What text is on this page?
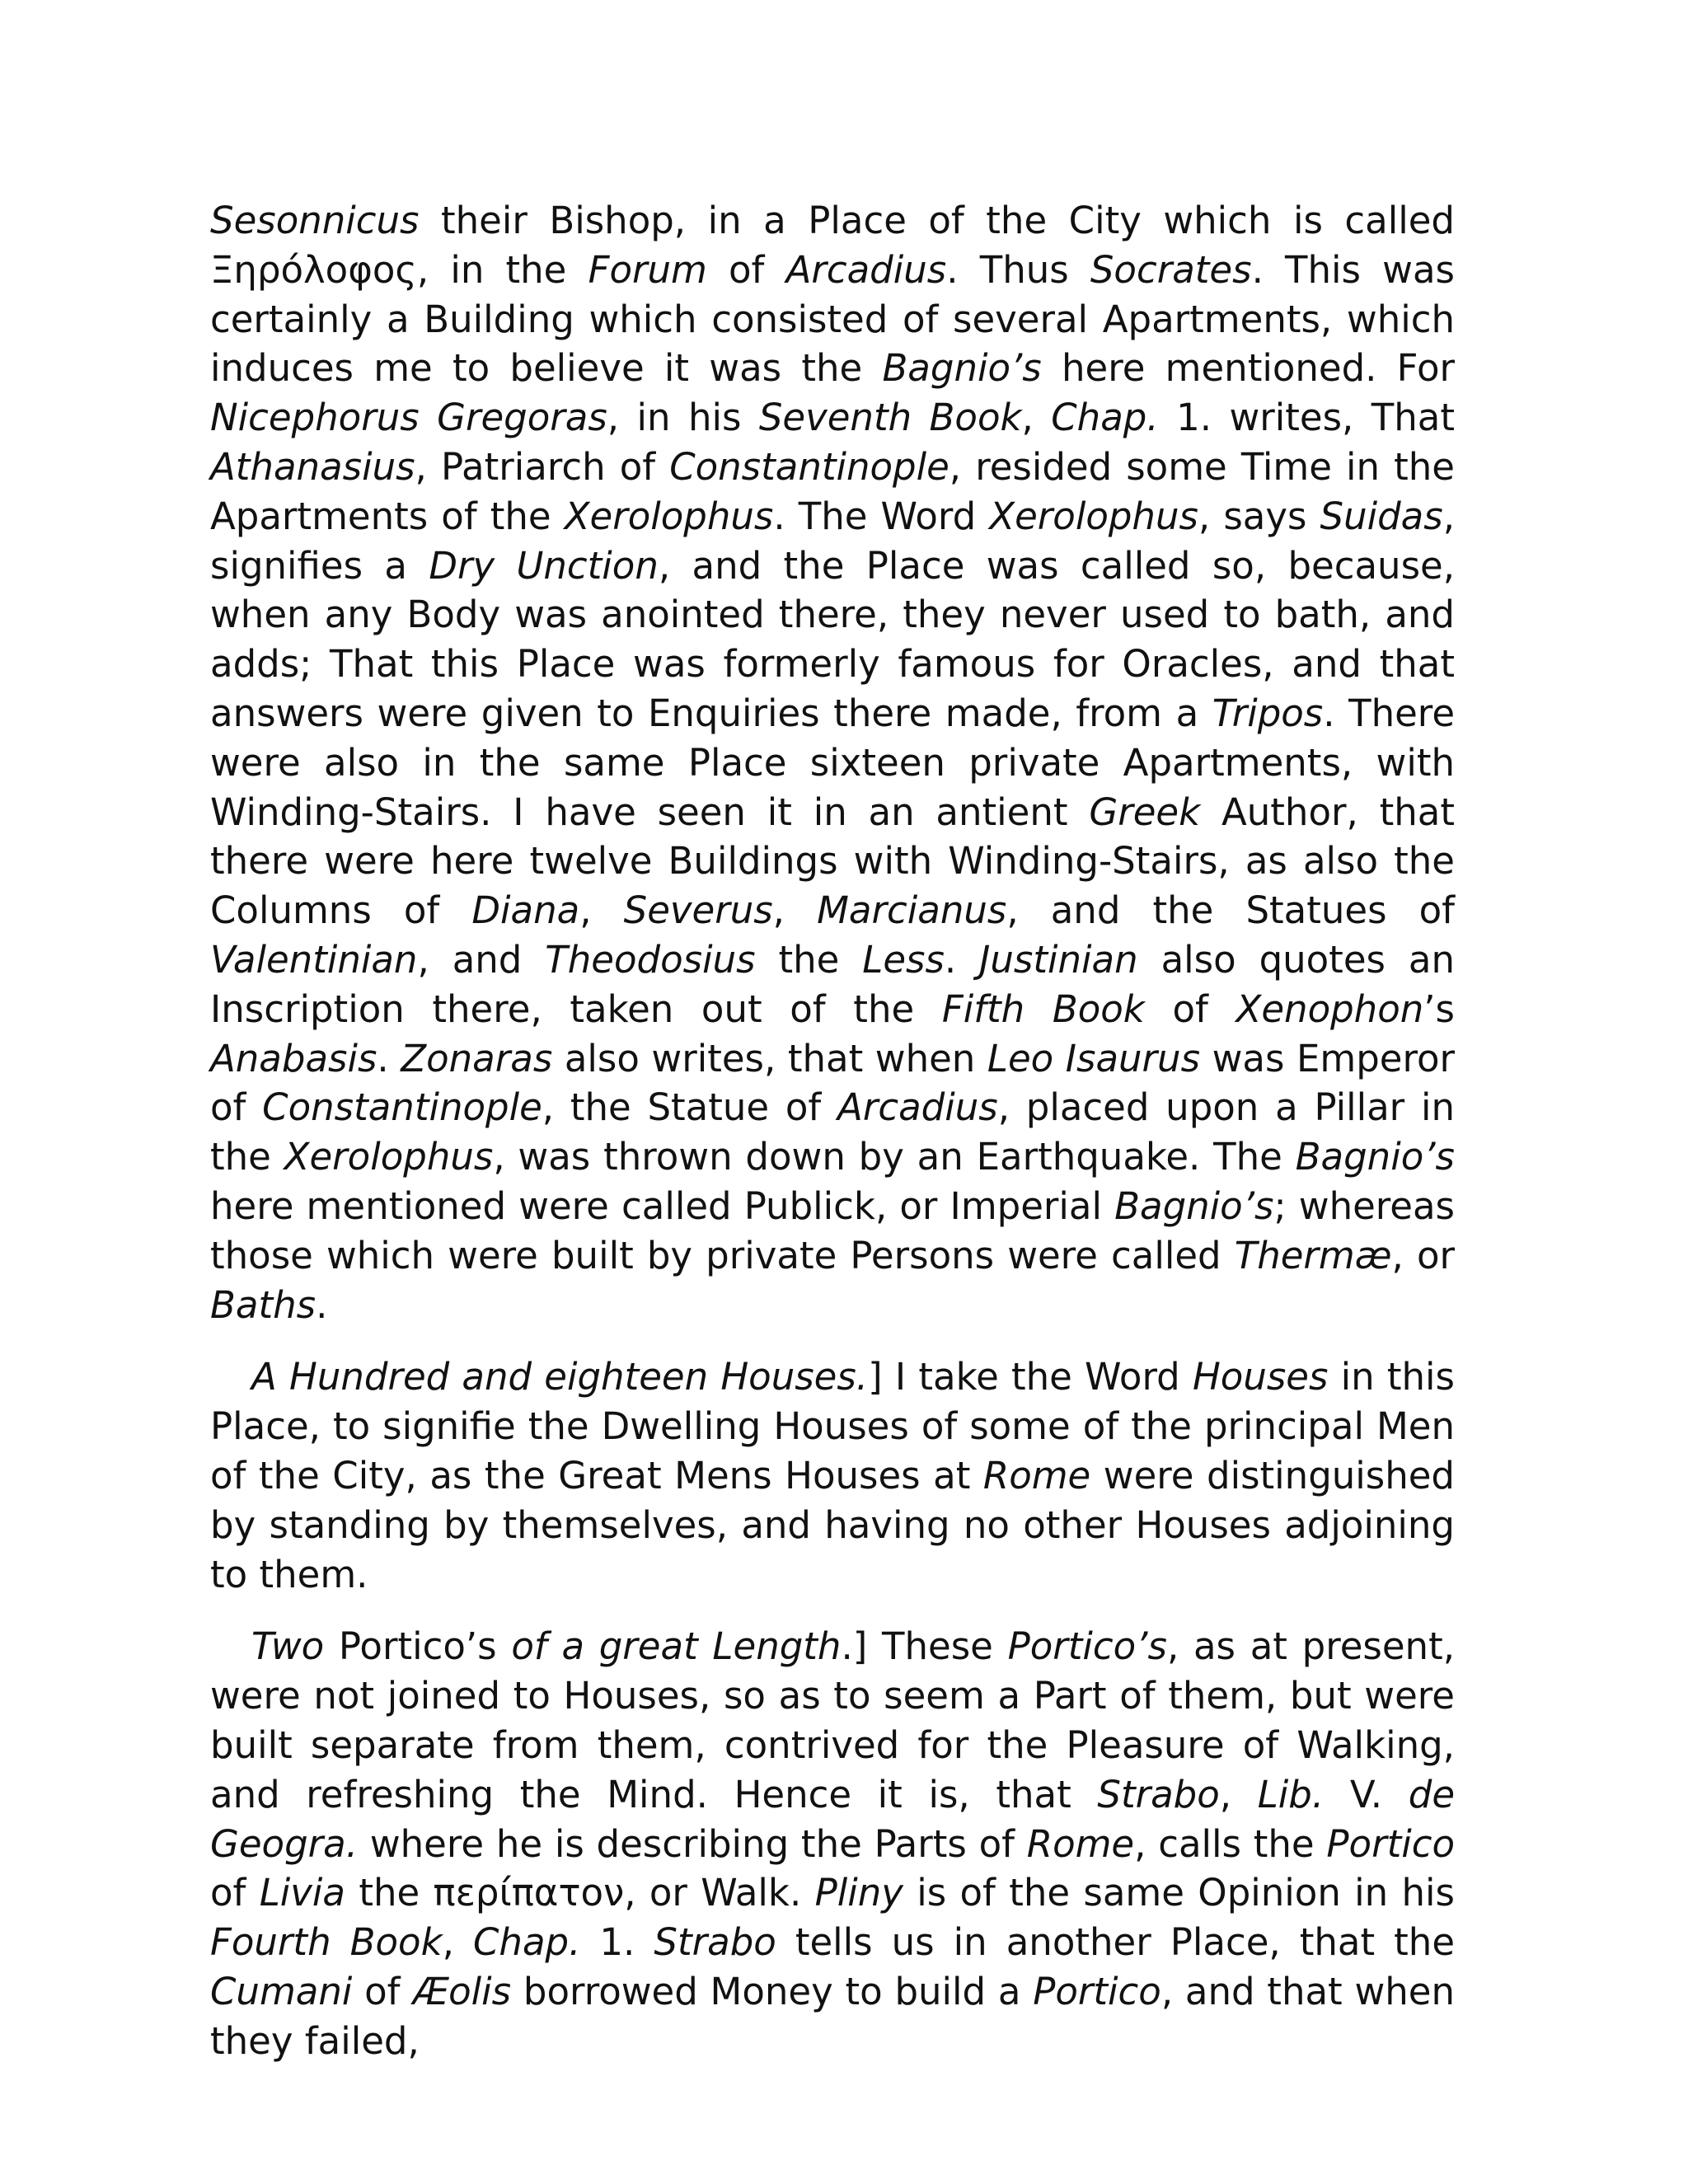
Sesonnicus their Bishop, in a Place of the City which is called Ξηρόλοφος, in the Forum of Arcadius. Thus Socrates. This was certainly a Building which consisted of several Apartments, which induces me to believe it was the Bagnio’s here mentioned. For Nicephorus Gregoras, in his Seventh Book, Chap. 1. writes, That Athanasius, Patriarch of Constantinople, resided some Time in the Apartments of the Xerolophus. The Word Xerolophus, says Suidas, signifies a Dry Unction, and the Place was called so, because, when any Body was anointed there, they never used to bath, and adds; That this Place was formerly famous for Oracles, and that answers were given to Enquiries there made, from a Tripos. There were also in the same Place sixteen private Apartments, with Winding-Stairs. I have seen it in an antient Greek Author, that there were here twelve Buildings with Winding-Stairs, as also the Columns of Diana, Severus, Marcianus, and the Statues of Valentinian, and Theodosius the Less. Justinian also quotes an Inscription there, taken out of the Fifth Book of Xenophon’s Anabasis. Zonaras also writes, that when Leo Isaurus was Emperor of Constantinople, the Statue of Arcadius, placed upon a Pillar in the Xerolophus, was thrown down by an Earthquake. The Bagnio’s here mentioned were called Publick, or Imperial Bagnio’s; whereas those which were built by private Persons were called Thermæ, or Baths.

A Hundred and eighteen Houses.] I take the Word Houses in this Place, to signifie the Dwelling Houses of some of the principal Men of the City, as the Great Mens Houses at Rome were distinguished by standing by themselves, and having no other Houses adjoining to them.

Two Portico’s of a great Length.] These Portico’s, as at present, were not joined to Houses, so as to seem a Part of them, but were built separate from them, contrived for the Pleasure of Walking, and refreshing the Mind. Hence it is, that Strabo, Lib. V. de Geogra. where he is describing the Parts of Rome, calls the Portico of Livia the περίπατον, or Walk. Pliny is of the same Opinion in his Fourth Book, Chap. 1. Strabo tells us in another Place, that the Cumani of Æolis borrowed Money to build a Portico, and that when they failed,
